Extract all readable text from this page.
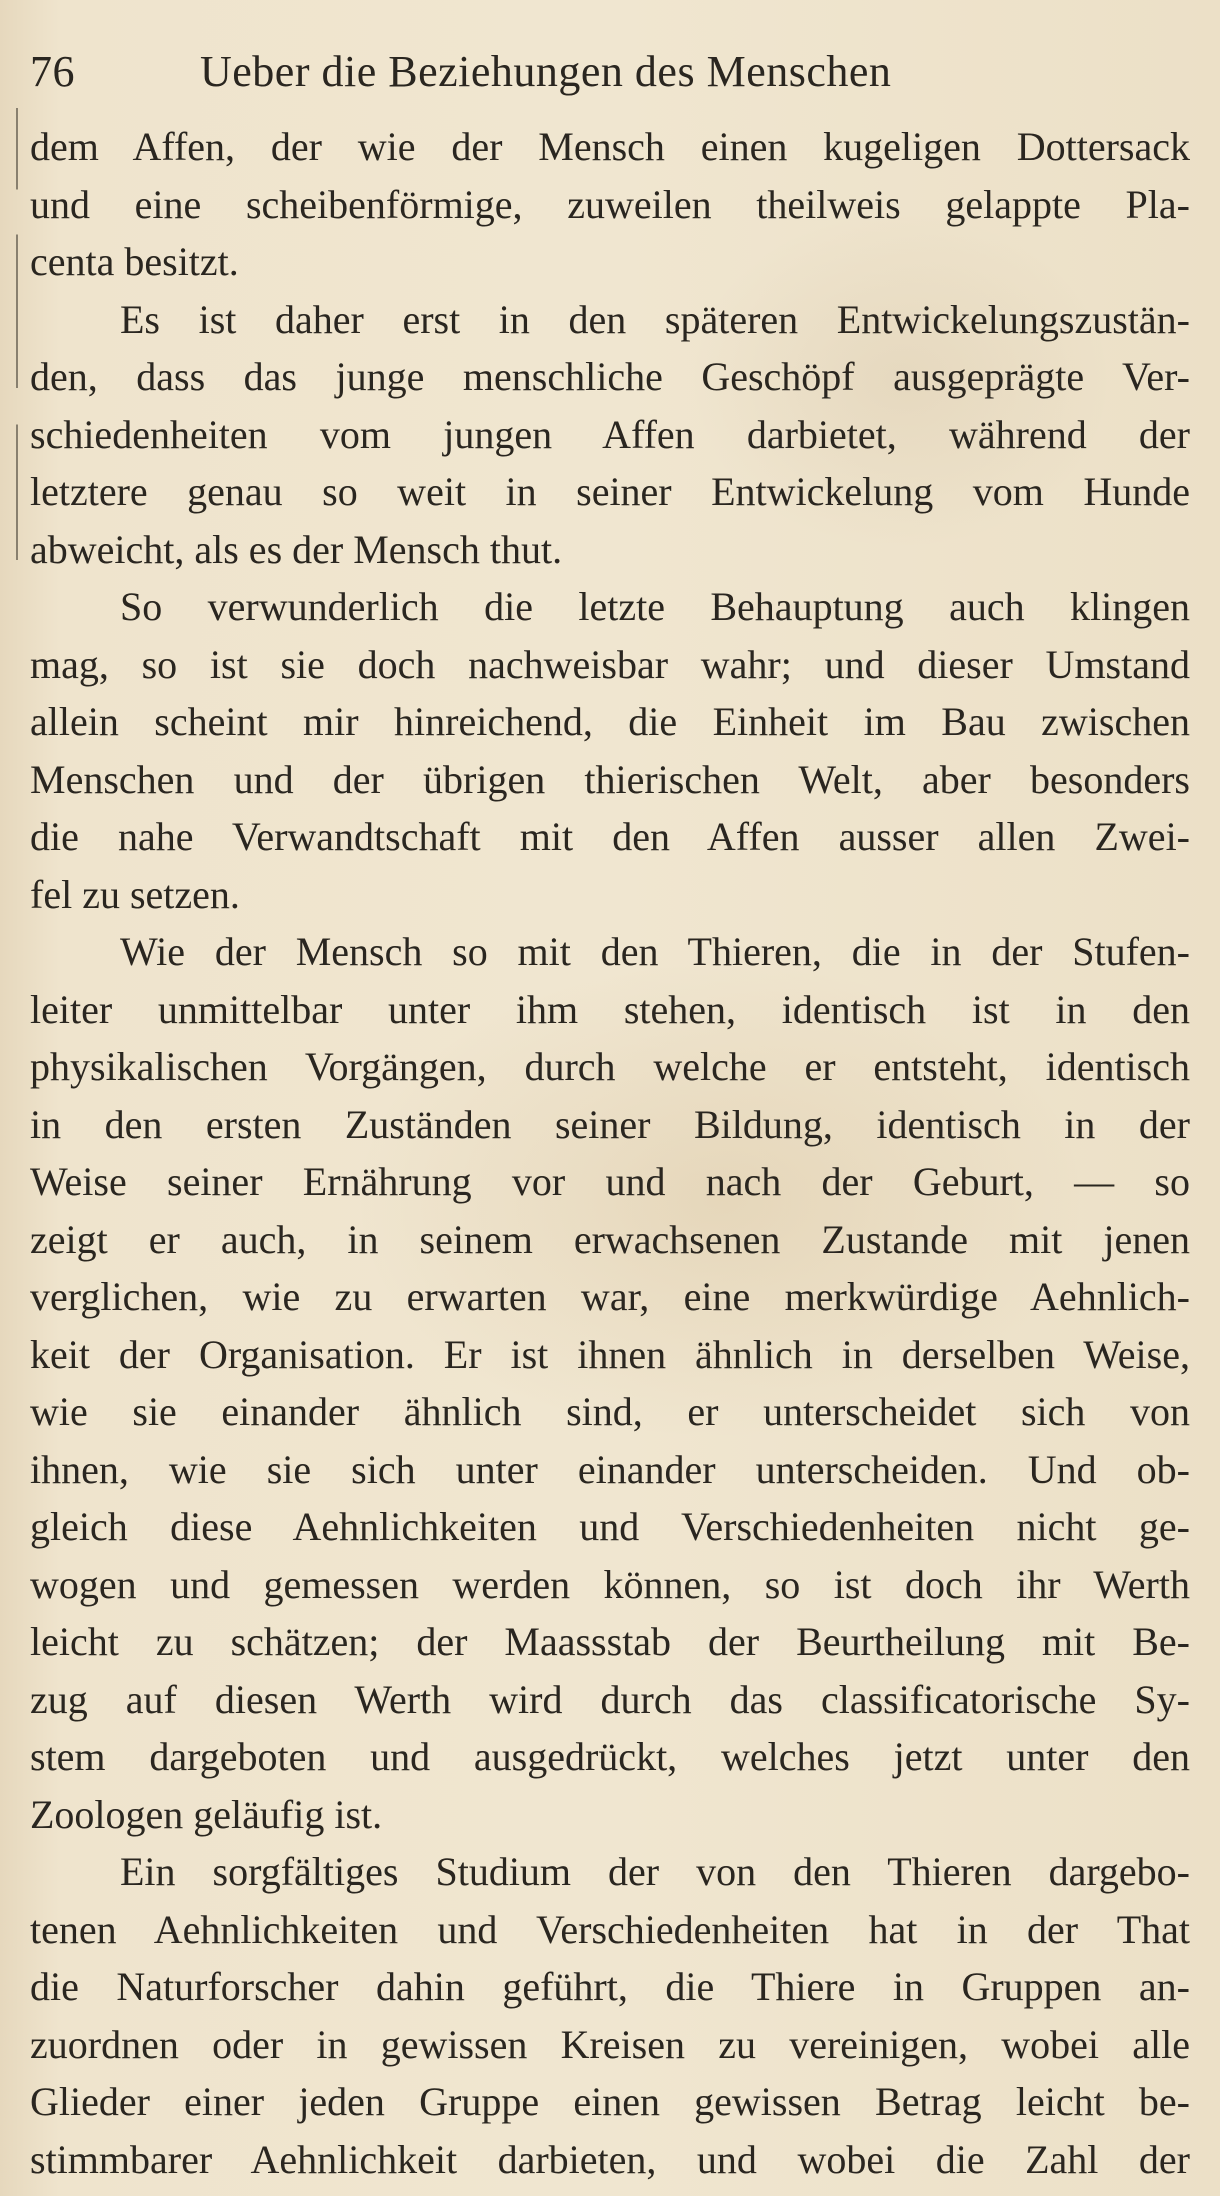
76	Ueber die Beziehungen des Menschen
dem Affen, der wie der Mensch einen kugeligen Dottersack
und eine scheibenförmige, zuweilen theilweis gelappte Pla-
centa besitzt.
Es ist daher erst in den späteren Entwickelungszustän-
den, dass das junge menschliche Geschöpf ausgeprägte Ver-
schiedenheiten vom jungen Affen darbietet, während der
letztere genau so weit in seiner Entwickelung vom Hunde
abweicht, als es der Mensch thut.
So verwunderlich die letzte Behauptung auch klingen
mag, so ist sie doch nachweisbar wahr; und dieser Umstand
allein scheint mir hinreichend, die Einheit im Bau zwischen
Menschen und der übrigen thierischen Welt, aber besonders
die nahe Verwandtschaft mit den Affen ausser allen Zwei-
fel zu setzen.
Wie der Mensch so mit den Thieren, die in der Stufen-
leiter unmittelbar unter ihm stehen, identisch ist in den
physikalischen Vorgängen, durch welche er entsteht, identisch
in den ersten Zuständen seiner Bildung, identisch in der
Weise seiner Ernährung vor und nach der Geburt, — so
zeigt er auch, in seinem erwachsenen Zustande mit jenen
verglichen, wie zu erwarten war, eine merkwürdige Aehnlich-
keit der Organisation. Er ist ihnen ähnlich in derselben Weise,
wie sie einander ähnlich sind, er unterscheidet sich von
ihnen, wie sie sich unter einander unterscheiden. Und ob-
gleich diese Aehnlichkeiten und Verschiedenheiten nicht ge-
wogen und gemessen werden können, so ist doch ihr Werth
leicht zu schätzen; der Maassstab der Beurtheilung mit Be-
zug auf diesen Werth wird durch das classificatorische Sy-
stem dargeboten und ausgedrückt, welches jetzt unter den
Zoologen geläufig ist.
Ein sorgfältiges Studium der von den Thieren dargebo-
tenen Aehnlichkeiten und Verschiedenheiten hat in der That
die Naturforscher dahin geführt, die Thiere in Gruppen an-
zuordnen oder in gewissen Kreisen zu vereinigen, wobei alle
Glieder einer jeden Gruppe einen gewissen Betrag leicht be-
stimmbarer Aehnlichkeit darbieten, und wobei die Zahl der
